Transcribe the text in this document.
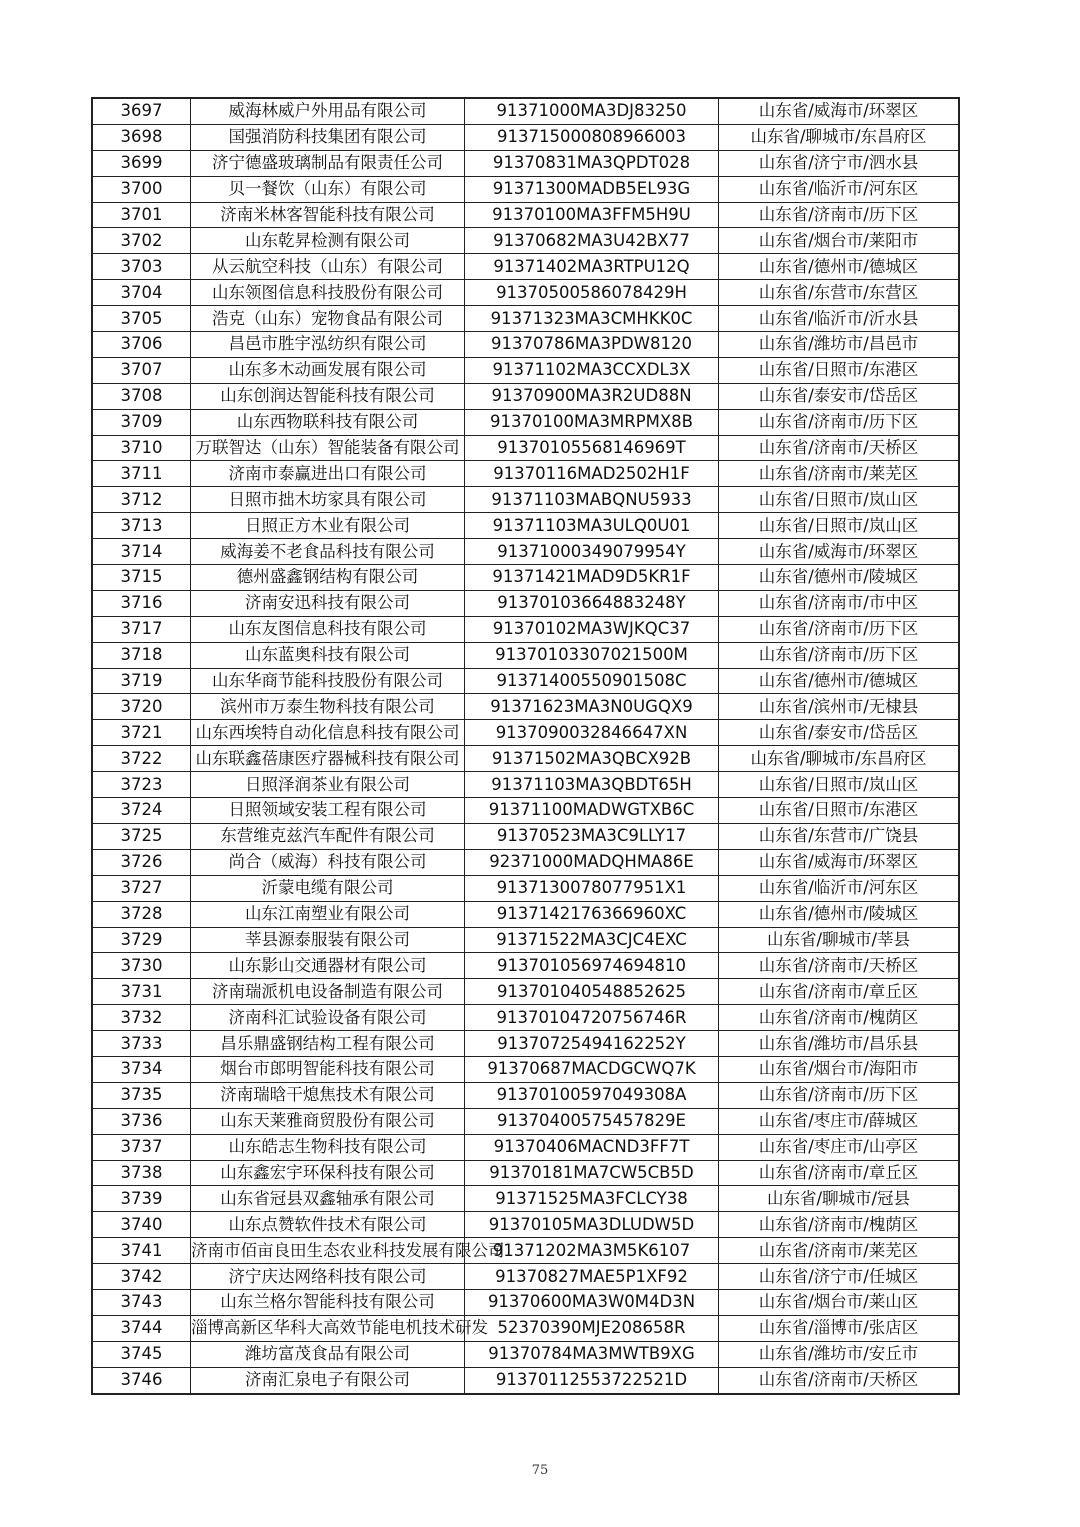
3697	威海林威户外用品有限公司	91371000MA3DJ83250	山东省/威海市/环翠区
3698	国强消防科技集团有限公司	913715000808966003	山东省/聊城市/东昌府区
3699	济宁德盛玻璃制品有限责任公司	91370831MA3QPDT028	山东省/济宁市/泗水县
3700	贝一餐饮（山东）有限公司	91371300MADB5EL93G	山东省/临沂市/河东区
3701	济南米林客智能科技有限公司	91370100MA3FFM5H9U	山东省/济南市/历下区
3702	山东乾昇检测有限公司	91370682MA3U42BX77	山东省/烟台市/莱阳市
3703	从云航空科技（山东）有限公司	91371402MA3RTPU12Q	山东省/德州市/德城区
3704	山东领图信息科技股份有限公司	91370500586078429H	山东省/东营市/东营区
3705	浩克（山东）宠物食品有限公司	91371323MA3CMHKK0C	山东省/临沂市/沂水县
3706	昌邑市胜宇泓纺织有限公司	91370786MA3PDW8120	山东省/潍坊市/昌邑市
3707	山东多木动画发展有限公司	91371102MA3CCXDL3X	山东省/日照市/东港区
3708	山东创润达智能科技有限公司	91370900MA3R2UD88N	山东省/泰安市/岱岳区
3709	山东西物联科技有限公司	91370100MA3MRPMX8B	山东省/济南市/历下区
3710	万联智达（山东）智能装备有限公司	91370105568146969T	山东省/济南市/天桥区
3711	济南市泰赢进出口有限公司	91370116MAD2502H1F	山东省/济南市/莱芜区
3712	日照市拙木坊家具有限公司	91371103MABQNU5933	山东省/日照市/岚山区
3713	日照正方木业有限公司	91371103MA3ULQ0U01	山东省/日照市/岚山区
3714	威海姜不老食品科技有限公司	91371000349079954Y	山东省/威海市/环翠区
3715	德州盛鑫钢结构有限公司	91371421MAD9D5KR1F	山东省/德州市/陵城区
3716	济南安迅科技有限公司	91370103664883248Y	山东省/济南市/市中区
3717	山东友图信息科技有限公司	91370102MA3WJKQC37	山东省/济南市/历下区
3718	山东蓝奥科技有限公司	91370103307021500M	山东省/济南市/历下区
3719	山东华商节能科技股份有限公司	91371400550901508C	山东省/德州市/德城区
3720	滨州市万泰生物科技有限公司	91371623MA3N0UGQX9	山东省/滨州市/无棣县
3721	山东西埃特自动化信息科技有限公司	9137090032846647XN	山东省/泰安市/岱岳区
3722	山东联鑫蓓康医疗器械科技有限公司	91371502MA3QBCX92B	山东省/聊城市/东昌府区
3723	日照泽润茶业有限公司	91371103MA3QBDT65H	山东省/日照市/岚山区
3724	日照领域安装工程有限公司	91371100MADWGTXB6C	山东省/日照市/东港区
3725	东营维克兹汽车配件有限公司	91370523MA3C9LLY17	山东省/东营市/广饶县
3726	尚合（威海）科技有限公司	92371000MADQHMA86E	山东省/威海市/环翠区
3727	沂蒙电缆有限公司	9137130078077951X1	山东省/临沂市/河东区
3728	山东江南塑业有限公司	9137142176366960XC	山东省/德州市/陵城区
3729	莘县源泰服装有限公司	91371522MA3CJC4EXC	山东省/聊城市/莘县
3730	山东影山交通器材有限公司	913701056974694810	山东省/济南市/天桥区
3731	济南瑞派机电设备制造有限公司	913701040548852625	山东省/济南市/章丘区
3732	济南科汇试验设备有限公司	91370104720756746R	山东省/济南市/槐荫区
3733	昌乐鼎盛钢结构工程有限公司	91370725494162252Y	山东省/潍坊市/昌乐县
3734	烟台市郎明智能科技有限公司	91370687MACDGCWQ7K	山东省/烟台市/海阳市
3735	济南瑞晗干熄焦技术有限公司	91370100597049308A	山东省/济南市/历下区
3736	山东天莱雅商贸股份有限公司	91370400575457829E	山东省/枣庄市/薛城区
3737	山东皓志生物科技有限公司	91370406MACND3FF7T	山东省/枣庄市/山亭区
3738	山东鑫宏宇环保科技有限公司	91370181MA7CW5CB5D	山东省/济南市/章丘区
3739	山东省冠县双鑫轴承有限公司	91371525MA3FCLCY38	山东省/聊城市/冠县
3740	山东点赞软件技术有限公司	91370105MA3DLUDW5D	山东省/济南市/槐荫区
3741	济南市佰亩良田生态农业科技发展有限公司	91371202MA3M5K6107	山东省/济南市/莱芜区
3742	济宁庆达网络科技有限公司	91370827MAE5P1XF92	山东省/济宁市/任城区
3743	山东兰格尔智能科技有限公司	91370600MA3W0M4D3N	山东省/烟台市/莱山区
3744	淄博高新区华科大高效节能电机技术研发	52370390MJE208658R	山东省/淄博市/张店区
3745	潍坊富茂食品有限公司	91370784MA3MWTB9XG	山东省/潍坊市/安丘市
3746	济南汇泉电子有限公司	91370112553722521D	山东省/济南市/天桥区
75
